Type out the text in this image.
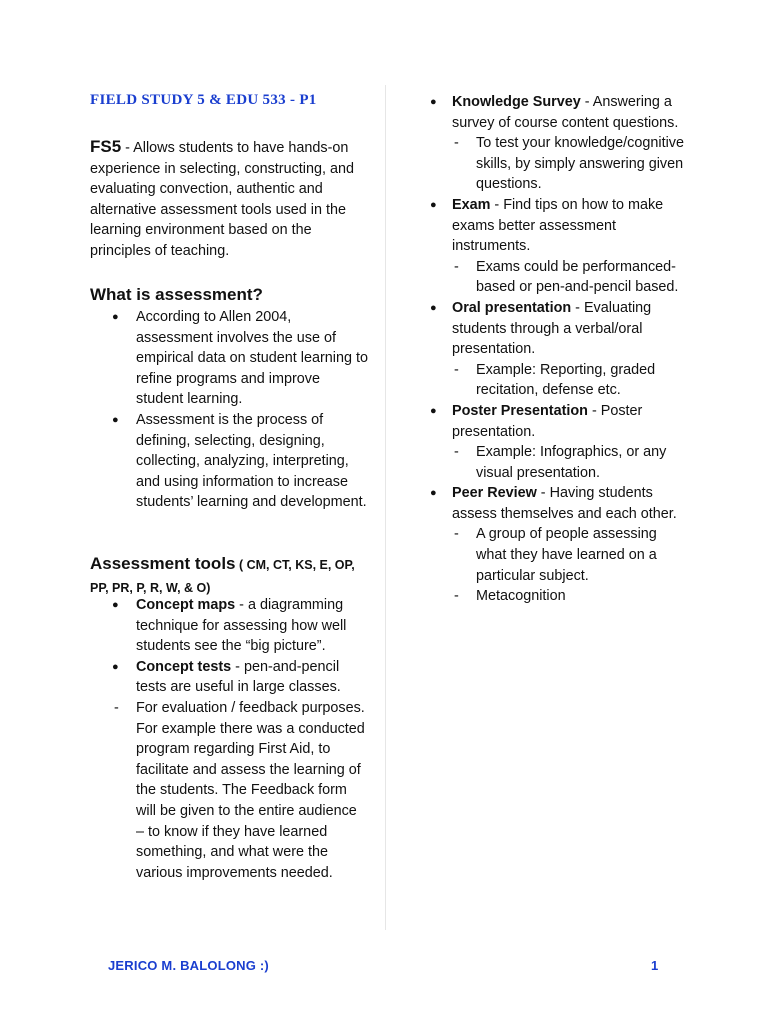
FIELD STUDY 5 & EDU 533 - P1

FS5 - Allows students to have hands-on experience in selecting, constructing, and evaluating convection, authentic and alternative assessment tools used in the learning environment based on the principles of teaching.

What is assessment?
● According to Allen 2004, assessment involves the use of empirical data on student learning to refine programs and improve student learning.
● Assessment is the process of defining, selecting, designing, collecting, analyzing, interpreting, and using information to increase students’ learning and development.
Assessment tools ( CM, CT, KS, E, OP, PP, PR, P, R, W, & O)
● Concept maps - a diagramming technique for assessing how well students see the “big picture”.
● Concept tests - pen-and-pencil tests are useful in large classes.
- For evaluation / feedback purposes. For example there was a conducted program regarding First Aid, to facilitate and assess the learning of the students. The Feedback form will be given to the entire audience – to know if they have learned something, and what were the various improvements needed.
● Knowledge Survey - Answering a survey of course content questions.
- To test your knowledge/cognitive skills, by simply answering given questions.
● Exam - Find tips on how to make exams better assessment instruments.
- Exams could be performanced-based or pen-and-pencil based.
● Oral presentation - Evaluating students through a verbal/oral presentation.
- Example: Reporting, graded recitation, defense etc.
● Poster Presentation - Poster presentation.
- Example: Infographics, or any visual presentation.
● Peer Review - Having students assess themselves and each other.
- A group of people assessing what they have learned on a particular subject.
- Metacognition
JERICO M. BALOLONG :)	1
